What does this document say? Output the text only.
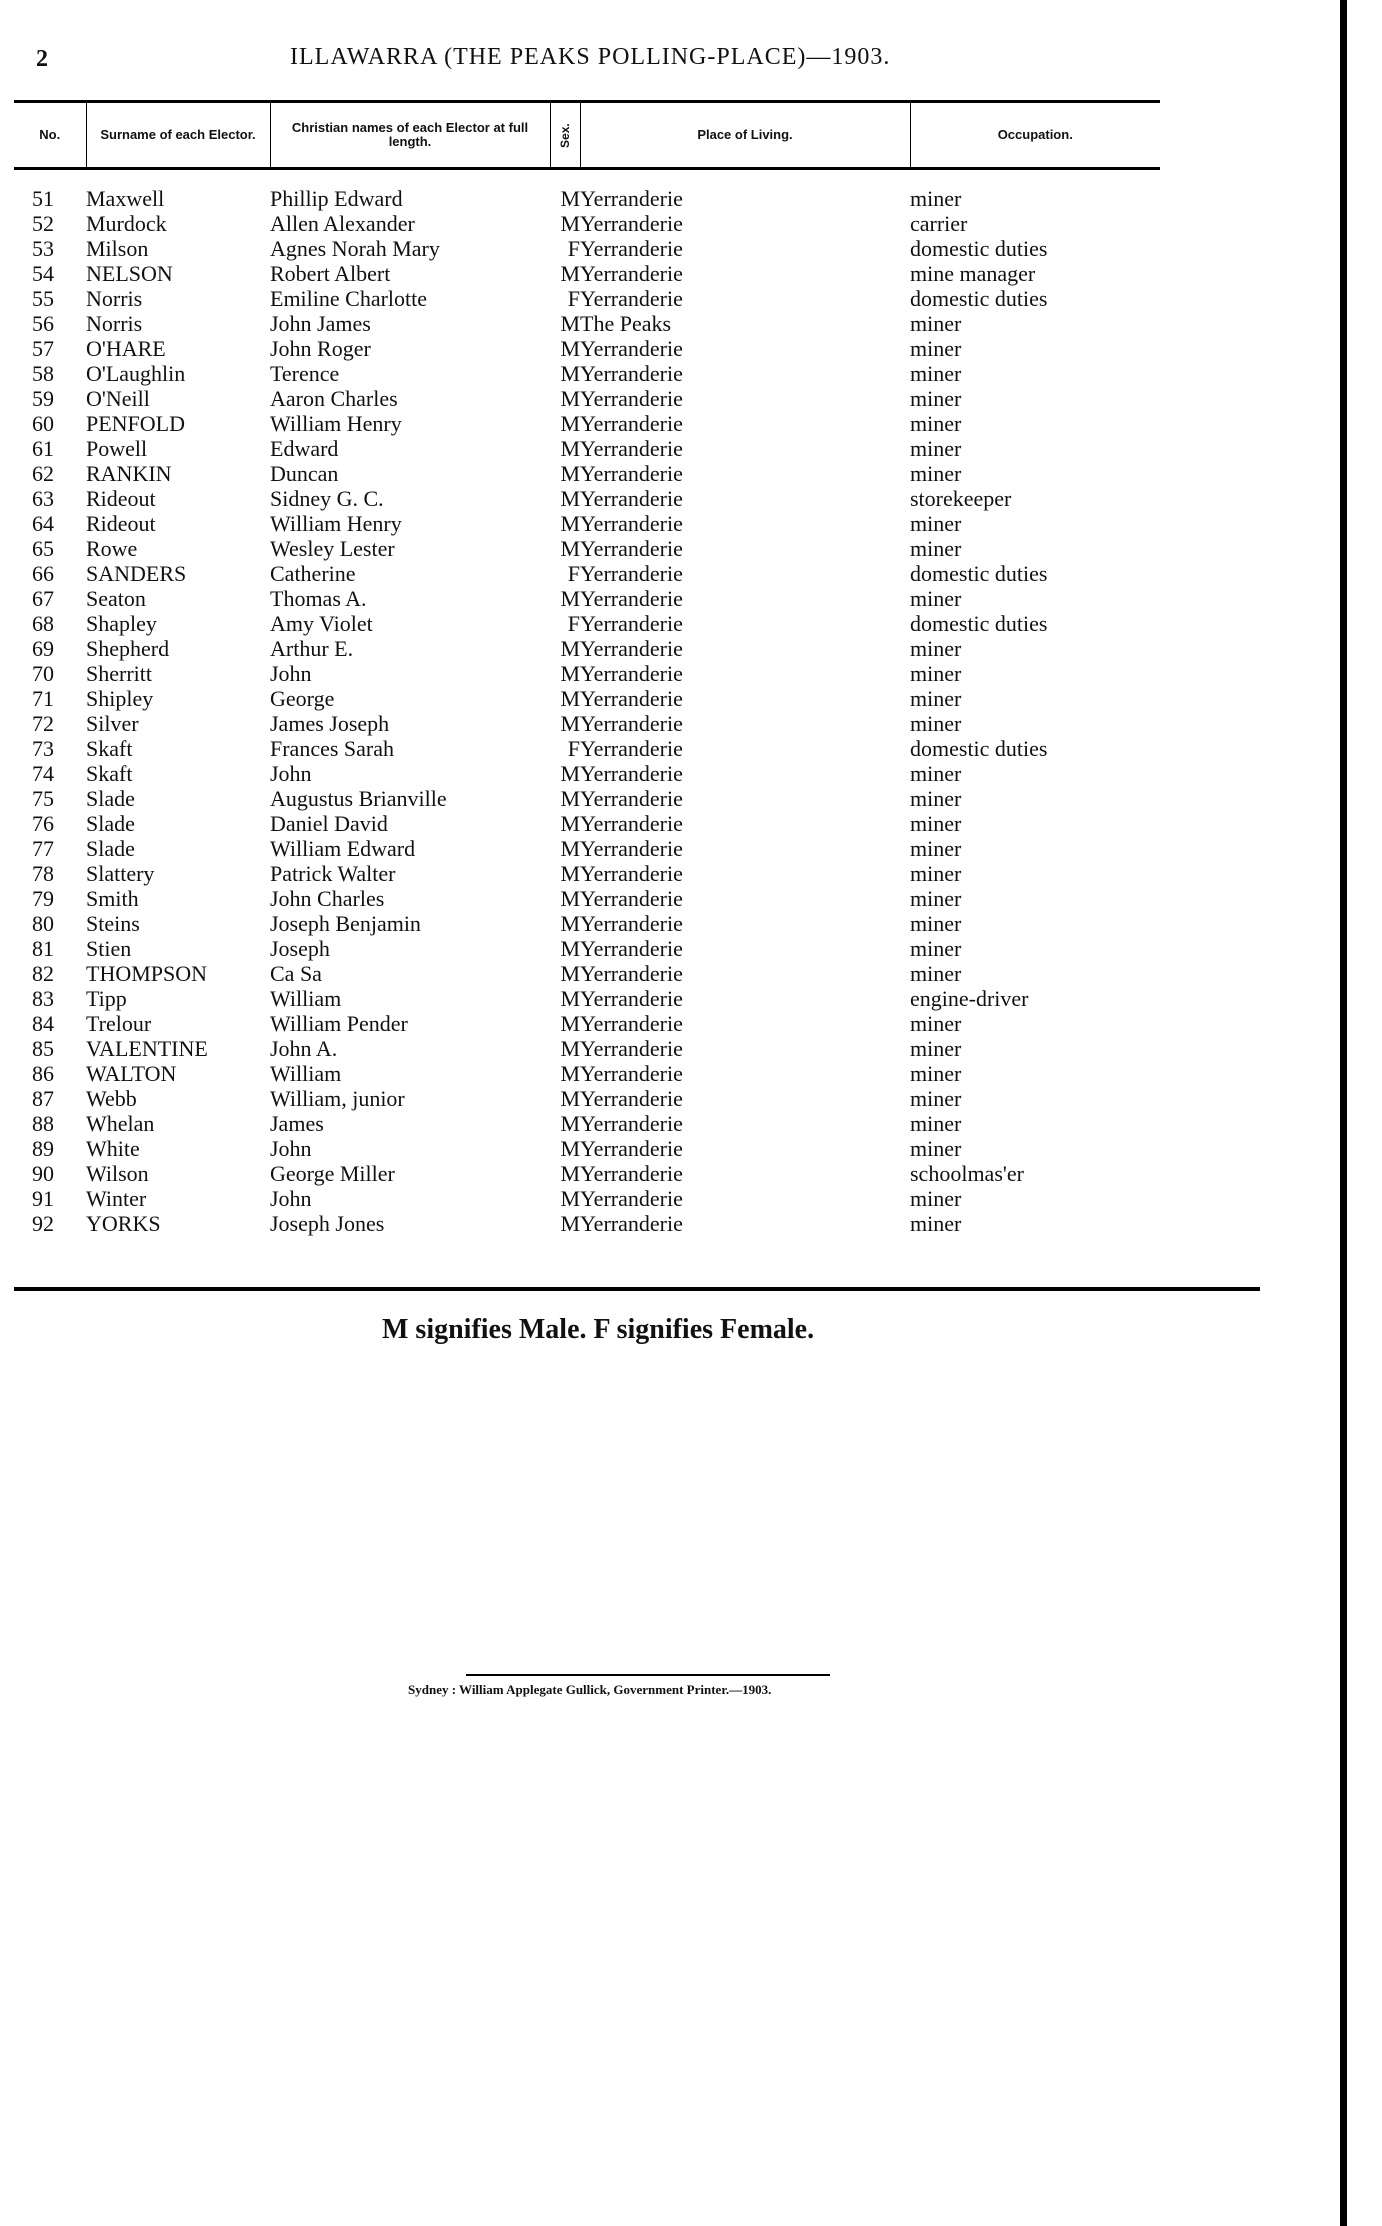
2	ILLAWARRA (THE PEAKS POLLING-PLACE)—1903.
No.	Surname of each Elector.	Christian names of each Elector at full length.	Sex.	Place of Living.	Occupation.
51	Maxwell	Phillip Edward	M	Yerranderie	miner
52	Murdock	Allen Alexander	M	Yerranderie	carrier
53	Milson	Agnes Norah Mary	F	Yerranderie	domestic duties
54	NELSON	Robert Albert	M	Yerranderie	mine manager
55	Norris	Emiline Charlotte	F	Yerranderie	domestic duties
56	Norris	John James	M	The Peaks	miner
57	O'HARE	John Roger	M	Yerranderie	miner
58	O'Laughlin	Terence	M	Yerranderie	miner
59	O'Neill	Aaron Charles	M	Yerranderie	miner
60	PENFOLD	William Henry	M	Yerranderie	miner
61	Powell	Edward	M	Yerranderie	miner
62	RANKIN	Duncan	M	Yerranderie	miner
63	Rideout	Sidney G. C.	M	Yerranderie	storekeeper
64	Rideout	William Henry	M	Yerranderie	miner
65	Rowe	Wesley Lester	M	Yerranderie	miner
66	SANDERS	Catherine	F	Yerranderie	domestic duties
67	Seaton	Thomas A.	M	Yerranderie	miner
68	Shapley	Amy Violet	F	Yerranderie	domestic duties
69	Shepherd	Arthur E.	M	Yerranderie	miner
70	Sherritt	John	M	Yerranderie	miner
71	Shipley	George	M	Yerranderie	miner
72	Silver	James Joseph	M	Yerranderie	miner
73	Skaft	Frances Sarah	F	Yerranderie	domestic duties
74	Skaft	John	M	Yerranderie	miner
75	Slade	Augustus Brianville	M	Yerranderie	miner
76	Slade	Daniel David	M	Yerranderie	miner
77	Slade	William Edward	M	Yerranderie	miner
78	Slattery	Patrick Walter	M	Yerranderie	miner
79	Smith	John Charles	M	Yerranderie	miner
80	Steins	Joseph Benjamin	M	Yerranderie	miner
81	Stien	Joseph	M	Yerranderie	miner
82	THOMPSON	Ca Sa	M	Yerranderie	miner
83	Tipp	William	M	Yerranderie	engine-driver
84	Trelour	William Pender	M	Yerranderie	miner
85	VALENTINE	John A.	M	Yerranderie	miner
86	WALTON	William	M	Yerranderie	miner
87	Webb	William, junior	M	Yerranderie	miner
88	Whelan	James	M	Yerranderie	miner
89	White	John	M	Yerranderie	miner
90	Wilson	George Miller	M	Yerranderie	schoolmas'er
91	Winter	John	M	Yerranderie	miner
92	YORKS	Joseph Jones	M	Yerranderie	miner
M signifies Male. F signifies Female.
Sydney : William Applegate Gullick, Government Printer.—1903.
